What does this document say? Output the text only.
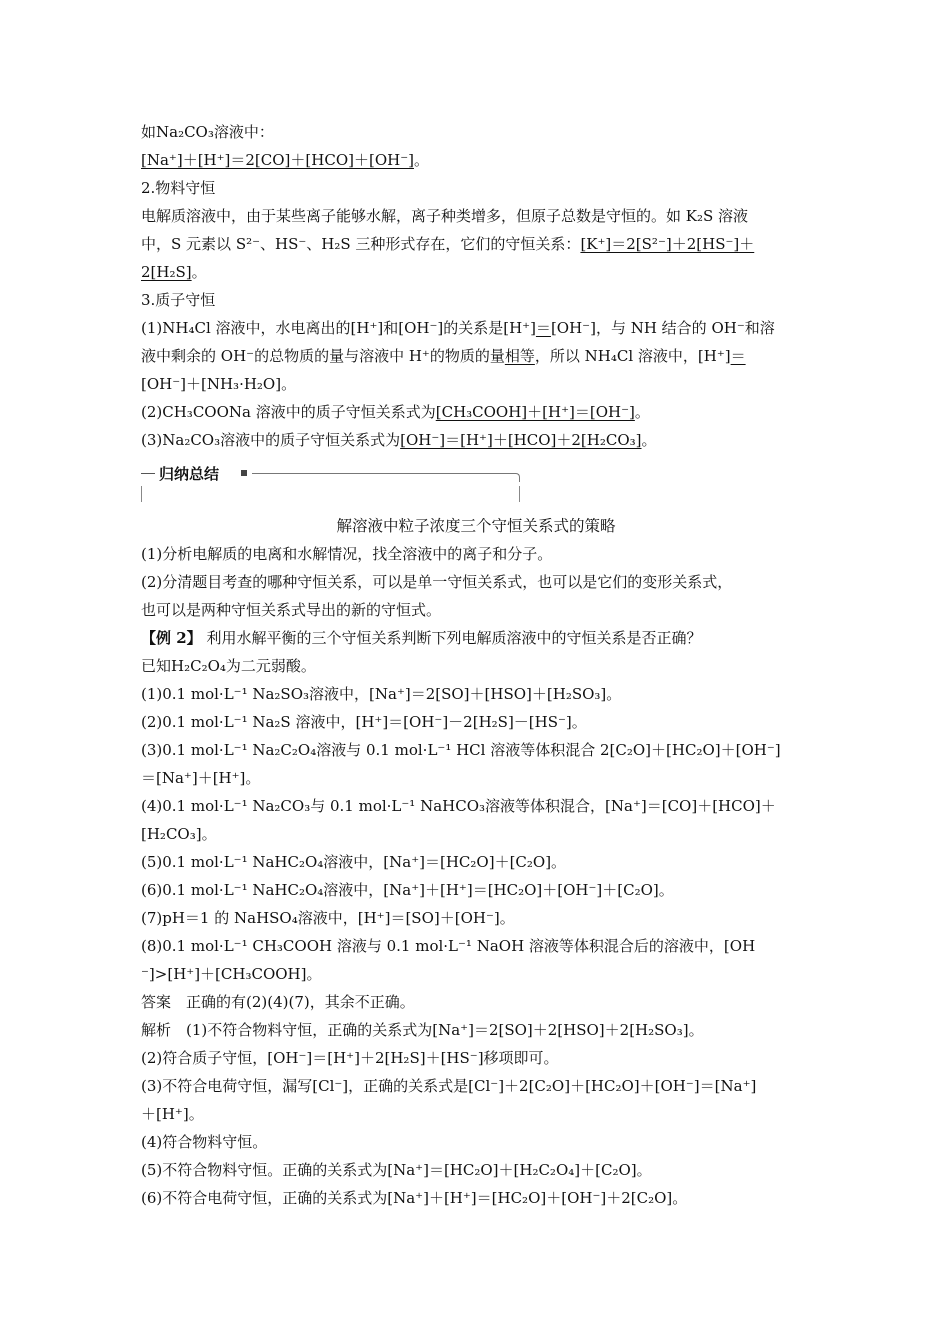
如Na₂CO₃溶液中：
[Na⁺]＋[H⁺]＝2[CO]＋[HCO]＋[OH⁻]。
2.物料守恒
电解质溶液中，由于某些离子能够水解，离子种类增多，但原子总数是守恒的。如 K₂S 溶液
中，S 元素以 S²⁻、HS⁻、H₂S 三种形式存在，它们的守恒关系：[K⁺]＝2[S²⁻]＋2[HS⁻]＋
2[H₂S]。
3.质子守恒
(1)NH₄Cl 溶液中，水电离出的[H⁺]和[OH⁻]的关系是[H⁺]＝[OH⁻]，与 NH 结合的 OH⁻和溶
液中剩余的 OH⁻的总物质的量与溶液中 H⁺的物质的量相等，所以 NH₄Cl 溶液中，[H⁺]＝
[OH⁻]＋[NH₃·H₂O]。
(2)CH₃COONa 溶液中的质子守恒关系式为[CH₃COOH]＋[H⁺]＝[OH⁻]。
(3)Na₂CO₃溶液中的质子守恒关系式为[OH⁻]＝[H⁺]＋[HCO]＋2[H₂CO₃]。
归纳总结
解溶液中粒子浓度三个守恒关系式的策略
(1)分析电解质的电离和水解情况，找全溶液中的离子和分子。
(2)分清题目考查的哪种守恒关系，可以是单一守恒关系式，也可以是它们的变形关系式，
也可以是两种守恒关系式导出的新的守恒式。
【例 2】 利用水解平衡的三个守恒关系判断下列电解质溶液中的守恒关系是否正确？
已知H₂C₂O₄为二元弱酸。
(1)0.1 mol·L⁻¹ Na₂SO₃溶液中，[Na⁺]＝2[SO]＋[HSO]＋[H₂SO₃]。
(2)0.1 mol·L⁻¹ Na₂S 溶液中，[H⁺]＝[OH⁻]－2[H₂S]－[HS⁻]。
(3)0.1 mol·L⁻¹ Na₂C₂O₄溶液与 0.1 mol·L⁻¹ HCl 溶液等体积混合 2[C₂O]＋[HC₂O]＋[OH⁻]
＝[Na⁺]＋[H⁺]。
(4)0.1 mol·L⁻¹ Na₂CO₃与 0.1 mol·L⁻¹ NaHCO₃溶液等体积混合，[Na⁺]＝[CO]＋[HCO]＋
[H₂CO₃]。
(5)0.1 mol·L⁻¹ NaHC₂O₄溶液中，[Na⁺]＝[HC₂O]＋[C₂O]。
(6)0.1 mol·L⁻¹ NaHC₂O₄溶液中，[Na⁺]＋[H⁺]＝[HC₂O]＋[OH⁻]＋[C₂O]。
(7)pH＝1 的 NaHSO₄溶液中，[H⁺]＝[SO]＋[OH⁻]。
(8)0.1 mol·L⁻¹ CH₃COOH 溶液与 0.1 mol·L⁻¹ NaOH 溶液等体积混合后的溶液中，[OH
⁻]>[H⁺]＋[CH₃COOH]。
答案　正确的有(2)(4)(7)，其余不正确。
解析　(1)不符合物料守恒，正确的关系式为[Na⁺]＝2[SO]＋2[HSO]＋2[H₂SO₃]。
(2)符合质子守恒，[OH⁻]＝[H⁺]＋2[H₂S]＋[HS⁻]移项即可。
(3)不符合电荷守恒，漏写[Cl⁻]，正确的关系式是[Cl⁻]＋2[C₂O]＋[HC₂O]＋[OH⁻]＝[Na⁺]
＋[H⁺]。
(4)符合物料守恒。
(5)不符合物料守恒。正确的关系式为[Na⁺]＝[HC₂O]＋[H₂C₂O₄]＋[C₂O]。
(6)不符合电荷守恒，正确的关系式为[Na⁺]＋[H⁺]＝[HC₂O]＋[OH⁻]＋2[C₂O]。
